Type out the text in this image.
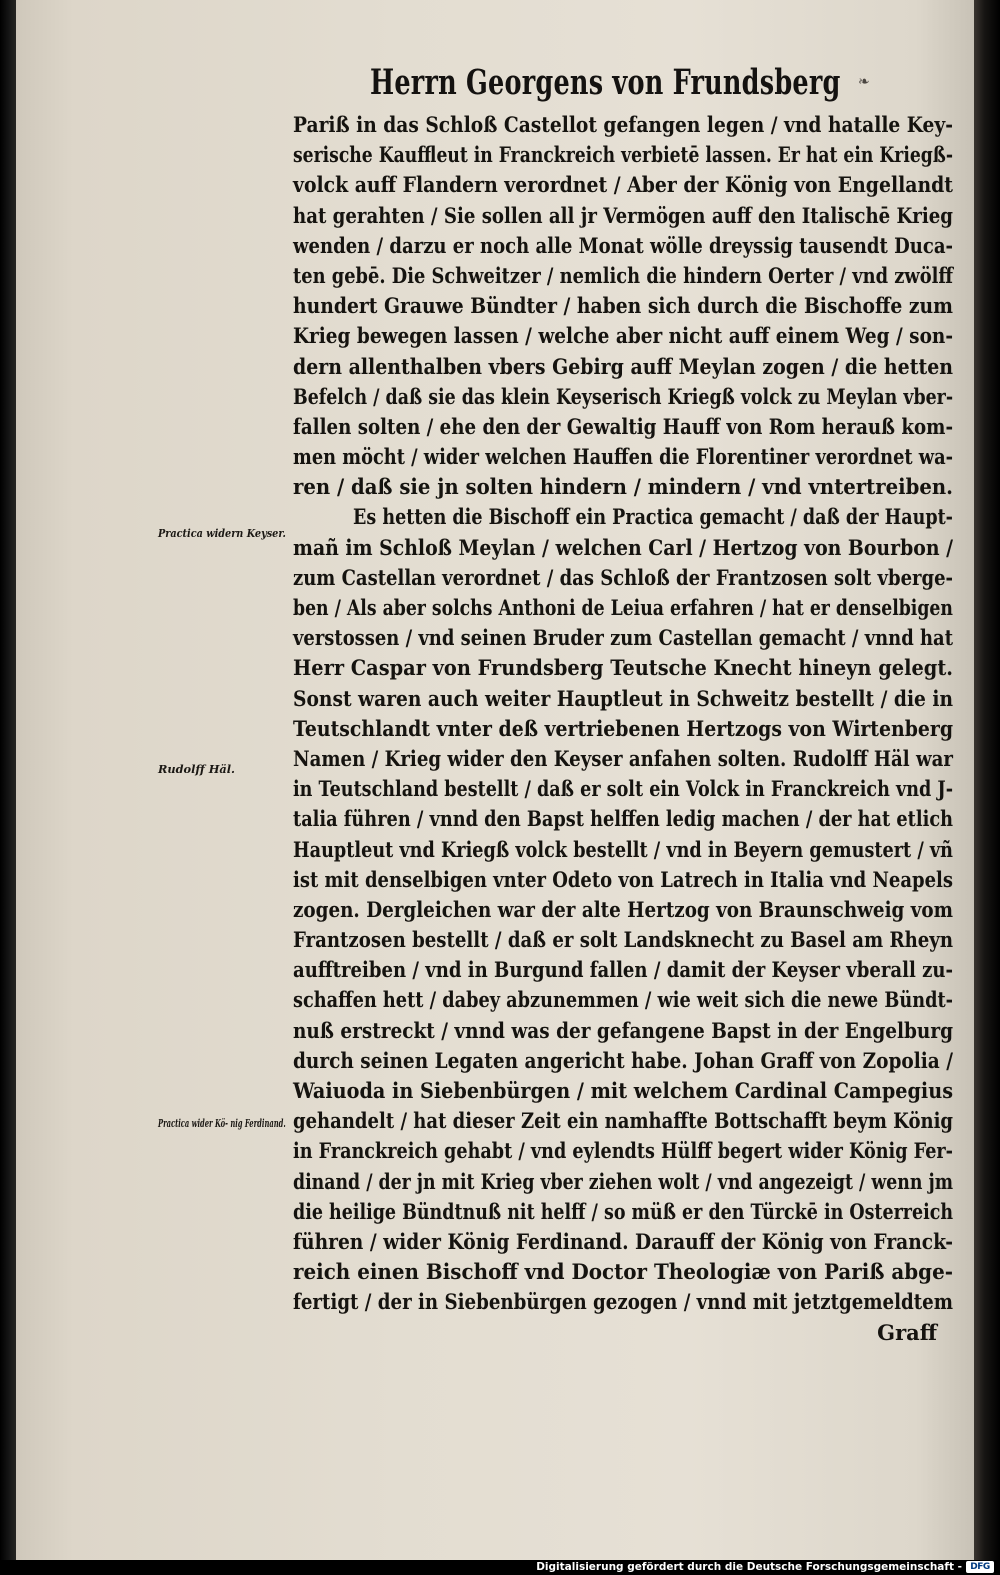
Herrn Georgens von Frundsberg ❧
Practica widern Keyser.
Rudolff Häl.
Practica wider Kö- nig Ferdinand.
Pariß in das Schloß Castellot gefangen legen / vnd hatalle Key-
serische Kauffleut in Franckreich verbietē lassen. Er hat ein Kriegß-
volck auff Flandern verordnet / Aber der König von Engellandt
hat gerahten / Sie sollen all jr Vermögen auff den Italischē Krieg
wenden / darzu er noch alle Monat wölle dreyssig tausendt Duca-
ten gebē. Die Schweitzer / nemlich die hindern Oerter / vnd zwölff
hundert Grauwe Bündter / haben sich durch die Bischoffe zum
Krieg bewegen lassen / welche aber nicht auff einem Weg / son-
dern allenthalben vbers Gebirg auff Meylan zogen / die hetten
Befelch / daß sie das klein Keyserisch Kriegß volck zu Meylan vber-
fallen solten / ehe den der Gewaltig Hauff von Rom herauß kom-
men möcht / wider welchen Hauffen die Florentiner verordnet wa-
ren / daß sie jn solten hindern / mindern / vnd vntertreiben.
Es hetten die Bischoff ein Practica gemacht / daß der Haupt-
mañ im Schloß Meylan / welchen Carl / Hertzog von Bourbon /
zum Castellan verordnet / das Schloß der Frantzosen solt vberge-
ben / Als aber solchs Anthoni de Leiua erfahren / hat er denselbigen
verstossen / vnd seinen Bruder zum Castellan gemacht / vnnd hat
Herr Caspar von Frundsberg Teutsche Knecht hineyn gelegt.
Sonst waren auch weiter Hauptleut in Schweitz bestellt / die in
Teutschlandt vnter deß vertriebenen Hertzogs von Wirtenberg
Namen / Krieg wider den Keyser anfahen solten. Rudolff Häl war
in Teutschland bestellt / daß er solt ein Volck in Franckreich vnd J-
talia führen / vnnd den Bapst helffen ledig machen / der hat etlich
Hauptleut vnd Kriegß volck bestellt / vnd in Beyern gemustert / vñ
ist mit denselbigen vnter Odeto von Latrech in Italia vnd Neapels
zogen. Dergleichen war der alte Hertzog von Braunschweig vom
Frantzosen bestellt / daß er solt Landsknecht zu Basel am Rheyn
aufftreiben / vnd in Burgund fallen / damit der Keyser vberall zu-
schaffen hett / dabey abzunemmen / wie weit sich die newe Bündt-
nuß erstreckt / vnnd was der gefangene Bapst in der Engelburg
durch seinen Legaten angericht habe. Johan Graff von Zopolia /
Waiuoda in Siebenbürgen / mit welchem Cardinal Campegius
gehandelt / hat dieser Zeit ein namhaffte Bottschafft beym König
in Franckreich gehabt / vnd eylendts Hülff begert wider König Fer-
dinand / der jn mit Krieg vber ziehen wolt / vnd angezeigt / wenn jm
die heilige Bündtnuß nit helff / so müß er den Türckē in Osterreich
führen / wider König Ferdinand. Darauff der König von Franck-
reich einen Bischoff vnd Doctor Theologiæ von Pariß abge-
fertigt / der in Siebenbürgen gezogen / vnnd mit jetztgemeldtem
Graff
Digitalisierung gefördert durch die Deutsche Forschungsgemeinschaft - DFG
